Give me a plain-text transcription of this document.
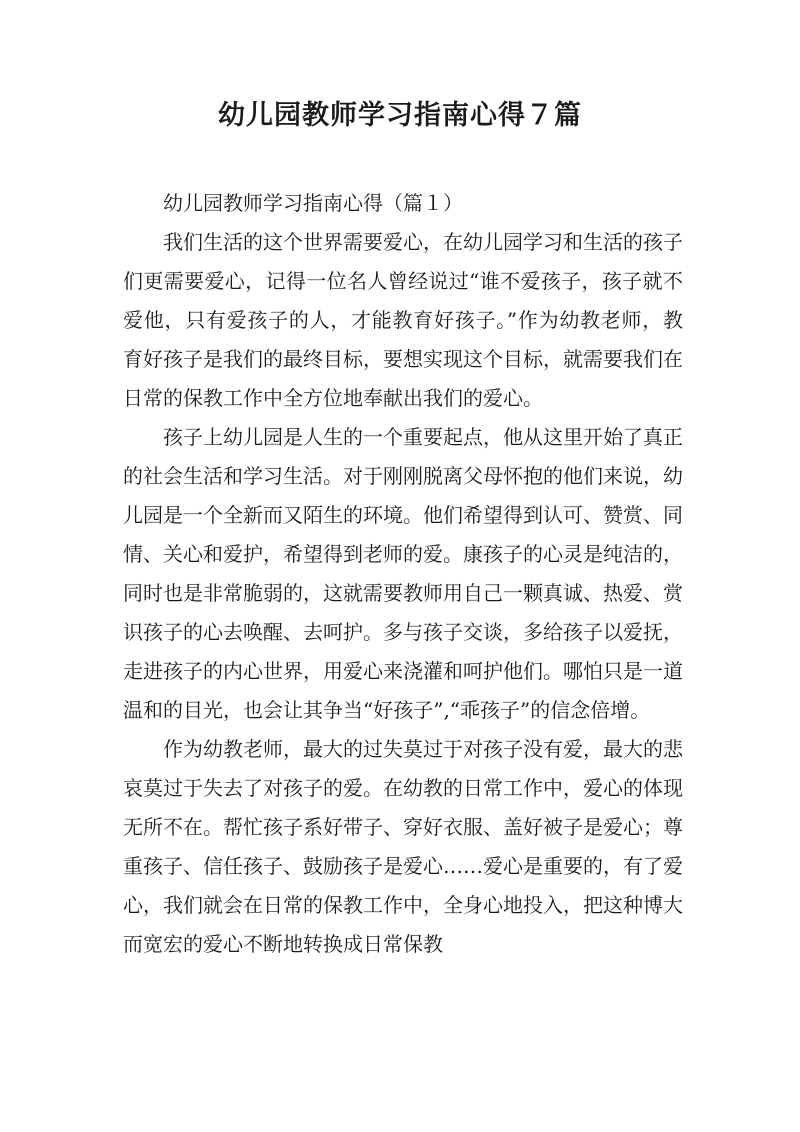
幼儿园教师学习指南心得７篇
幼儿园教师学习指南心得（篇１）

我们生活的这个世界需要爱心，在幼儿园学习和生活的孩子们更需要爱心，记得一位名人曾经说过“谁不爱孩子，孩子就不爱他，只有爱孩子的人，才能教育好孩子。”作为幼教老师，教育好孩子是我们的最终目标，要想实现这个目标，就需要我们在日常的保教工作中全方位地奉献出我们的爱心。

孩子上幼儿园是人生的一个重要起点，他从这里开始了真正的社会生活和学习生活。对于刚刚脱离父母怀抱的他们来说，幼儿园是一个全新而又陌生的环境。他们希望得到认可、赞赏、同情、关心和爱护，希望得到老师的爱。康孩子的心灵是纯洁的，同时也是非常脆弱的，这就需要教师用自己一颗真诚、热爱、赏识孩子的心去唤醒、去呵护。多与孩子交谈，多给孩子以爱抚，走进孩子的内心世界，用爱心来浇灌和呵护他们。哪怕只是一道温和的目光，也会让其争当“好孩子”,“乖孩子”的信念倍增。

作为幼教老师，最大的过失莫过于对孩子没有爱，最大的悲哀莫过于失去了对孩子的爱。在幼教的日常工作中，爱心的体现无所不在。帮忙孩子系好带子、穿好衣服、盖好被子是爱心；尊重孩子、信任孩子、鼓励孩子是爱心……爱心是重要的，有了爱心，我们就会在日常的保教工作中，全身心地投入，把这种博大而宽宏的爱心不断地转换成日常保教
